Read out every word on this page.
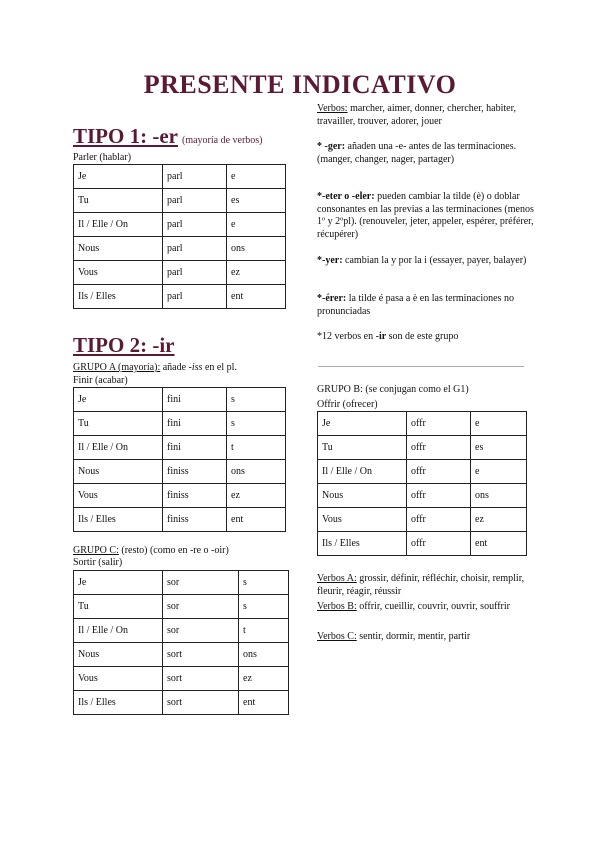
PRESENTE INDICATIVO
TIPO 1: -er (mayoría de verbos)
Parler (hablar)
Je	parl	e
Tu	parl	es
Il / Elle / On	parl	e
Nous	parl	ons
Vous	parl	ez
Ils / Elles	parl	ent
TIPO 2: -ir
GRUPO A (mayoría): añade -iss en el pl.
Finir (acabar)
Je	fini	s
Tu	fini	s
Il / Elle / On	fini	t
Nous	finiss	ons
Vous	finiss	ez
Ils / Elles	finiss	ent
GRUPO C: (resto) (como en -re o -oir)
Sortir (salir)
Je	sor	s
Tu	sor	s
Il / Elle / On	sor	t
Nous	sort	ons
Vous	sort	ez
Ils / Elles	sort	ent
Verbos: marcher, aimer, donner, chercher, habiter, travailler, trouver, adorer, jouer
* -ger: añaden una -e- antes de las terminaciones.
(manger, changer, nager, partager)
*-eter o -eler: pueden cambiar la tilde (è) o doblar consonantes en las previas a las terminaciones (menos 1º y 2ºpl). (renouveler, jeter, appeler, espérer, préférer, récupérer)
*-yer: cambian la y por la i (essayer, payer, balayer)
*-érer: la tilde é pasa a è en las terminaciones no pronunciadas
*12 verbos en -ir son de este grupo
GRUPO B: (se conjugan como el G1)
Offrir (ofrecer)
Je	offr	e
Tu	offr	es
Il / Elle / On	offr	e
Nous	offr	ons
Vous	offr	ez
Ils / Elles	offr	ent
Verbos A: grossir, définir, réfléchir, choisir, remplir, fleurir, réagir, réussir
Verbos B: offrir, cueillir, couvrir, ouvrir, souffrir
Verbos C: sentir, dormir, mentir, partir
